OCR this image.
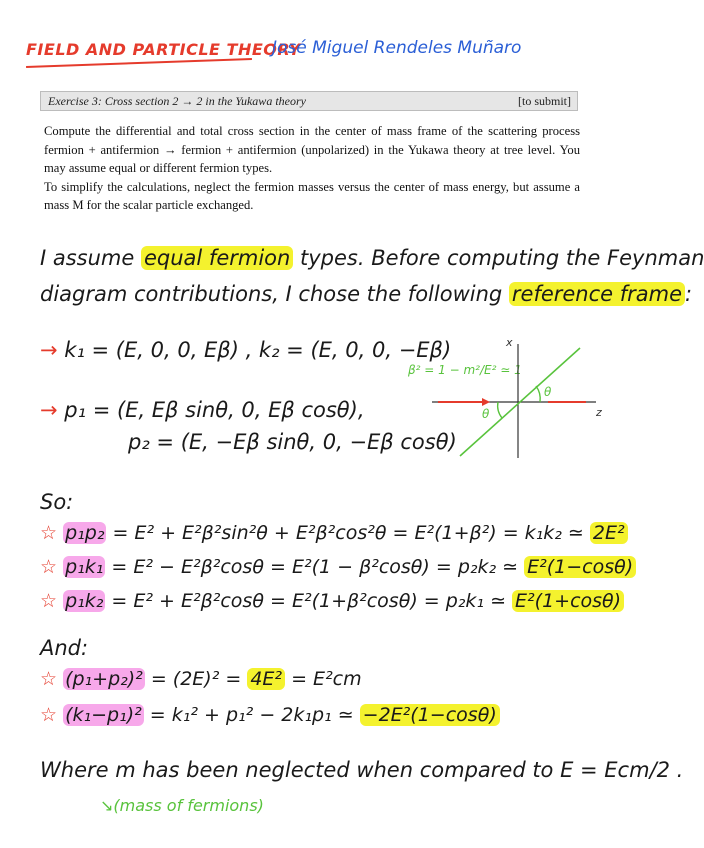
FIELD AND PARTICLE THEORY
José Miguel Rendeles Muñaro
Exercise 3: Cross section 2 → 2 in the Yukawa theory	[to submit]

Compute the differential and total cross section in the center of mass frame of the scattering process fermion + antifermion → fermion + antifermion (unpolarized) in the Yukawa theory at tree level. You may assume equal or different fermion types.

To simplify the calculations, neglect the fermion masses versus the center of mass energy, but assume a mass M for the scalar particle exchanged.

I assume equal fermion types. Before computing the Feynman
diagram contributions, I chose the following reference frame :
→ k₁ = (E, 0, 0, Eβ) , k₂ = (E, 0, 0, −Eβ)
→ p₁ = (E, Eβ sinθ, 0, Eβ cosθ),
p₂ = (E, −Eβ sinθ, 0, −Eβ cosθ)
β² = 1 − m²/E² ≃ 1
x
z
θ
θ
So:
☆ p₁p₂ = E² + E²β²sin²θ + E²β²cos²θ = E²(1+β²) = k₁k₂ ≃ 2E²
☆ p₁k₁ = E² − E²β²cosθ = E²(1 − β²cosθ) = p₂k₂ ≃ E²(1−cosθ)
☆ p₁k₂ = E² + E²β²cosθ = E²(1+β²cosθ) = p₂k₁ ≃ E²(1+cosθ)
And:
☆ (p₁+p₂)² = (2E)² = 4E² = E²cm
☆ (k₁−p₁)² = k₁² + p₁² − 2k₁p₁ ≃ −2E²(1−cosθ)
Where m has been neglected when compared to E = Ecm/2 .
↘(mass of fermions)
